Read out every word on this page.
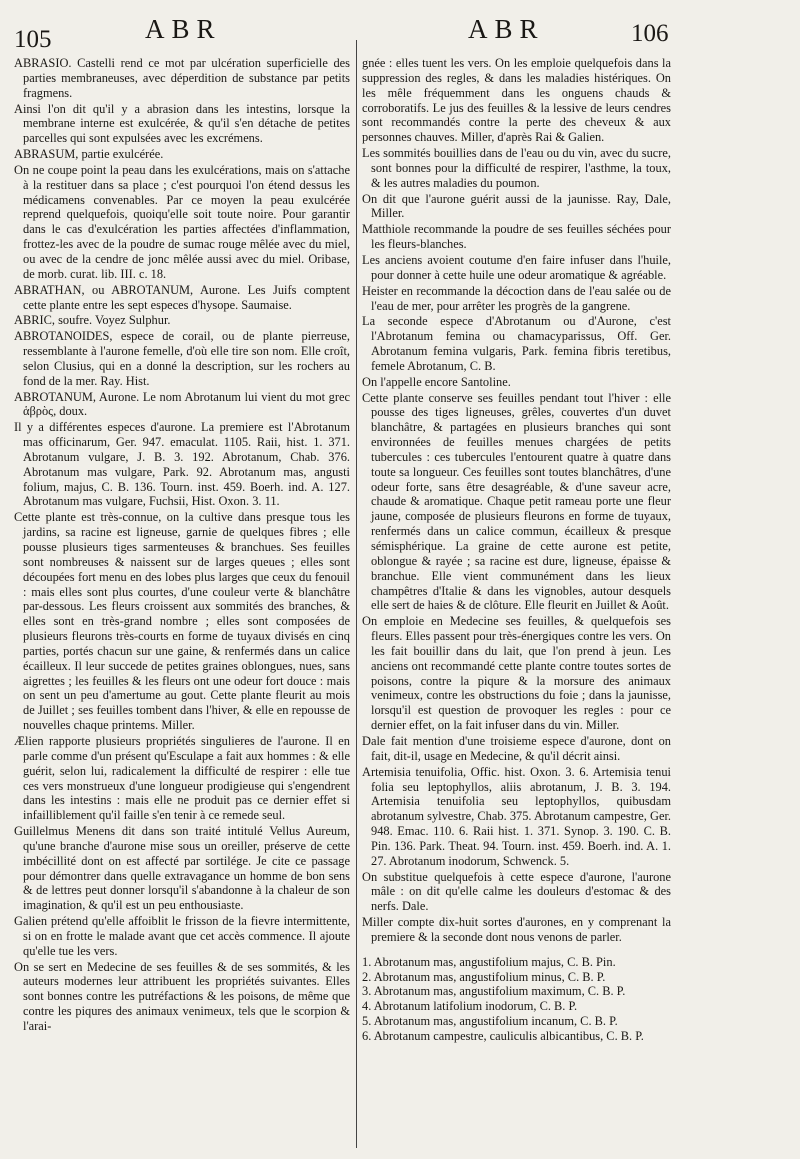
105	ABR	ABR	106

ABRASIO. Castelli rend ce mot par ulcération superficielle des parties membraneuses, avec déperdition de substance par petits fragmens.

Ainsi l'on dit qu'il y a abrasion dans les intestins, lorsque la membrane interne est exulcérée, & qu'il s'en détache de petites parcelles qui sont expulsées avec les excrémens.

ABRASUM, partie exulcérée.

On ne coupe point la peau dans les exulcérations, mais on s'attache à la restituer dans sa place ; c'est pourquoi l'on étend dessus les médicamens convenables. Par ce moyen la peau exulcérée reprend quelquefois, quoiqu'elle soit toute noire. Pour garantir dans le cas d'exulcération les parties affectées d'inflammation, frottez-les avec de la poudre de sumac rouge mêlée avec du miel, ou avec de la cendre de jonc mêlée aussi avec du miel. Oribase, de morb. curat. lib. III. c. 18.

ABRATHAN, ou ABROTANUM, Aurone. Les Juifs comptent cette plante entre les sept especes d'hysope. Saumaise.

ABRIC, soufre. Voyez Sulphur.

ABROTANOIDES, espece de corail, ou de plante pierreuse, ressemblante à l'aurone femelle, d'où elle tire son nom. Elle croît, selon Clusius, qui en a donné la description, sur les rochers au fond de la mer. Ray. Hist.

ABROTANUM, Aurone. Le nom Abrotanum lui vient du mot grec ἁβρὸς, doux.

Il y a différentes especes d'aurone. La premiere est l'Abrotanum mas officinarum, Ger. 947. emaculat. 1105. Raii, hist. 1. 371. Abrotanum vulgare, J. B. 3. 192. Abrotanum, Chab. 376. Abrotanum mas vulgare, Park. 92. Abrotanum mas, angusti folium, majus, C. B. 136. Tourn. inst. 459. Boerh. ind. A. 127. Abrotanum mas vulgare, Fuchsii, Hist. Oxon. 3. 11.

Cette plante est très-connue, on la cultive dans presque tous les jardins, sa racine est ligneuse, garnie de quelques fibres ; elle pousse plusieurs tiges sarmenteuses & branchues. Ses feuilles sont nombreuses & naissent sur de larges queues ; elles sont découpées fort menu en des lobes plus larges que ceux du fenouil : mais elles sont plus courtes, d'une couleur verte & blanchâtre par-dessous. Les fleurs croissent aux sommités des branches, & elles sont en très-grand nombre ; elles sont composées de plusieurs fleurons très-courts en forme de tuyaux divisés en cinq parties, portés chacun sur une gaine, & renfermés dans un calice écailleux. Il leur succede de petites graines oblongues, nues, sans aigrettes ; les feuilles & les fleurs ont une odeur fort douce : mais on sent un peu d'amertume au gout. Cette plante fleurit au mois de Juillet ; ses feuilles tombent dans l'hiver, & elle en repousse de nouvelles chaque printems. Miller.

Ælien rapporte plusieurs propriétés singulieres de l'aurone. Il en parle comme d'un présent qu'Esculape a fait aux hommes : & elle guérit, selon lui, radicalement la difficulté de respirer : elle tue ces vers monstrueux d'une longueur prodigieuse qui s'engendrent dans les intestins : mais elle ne produit pas ce dernier effet si infailliblement qu'il faille s'en tenir à ce remede seul.

Guillelmus Menens dit dans son traité intitulé Vellus Aureum, qu'une branche d'aurone mise sous un oreiller, préserve de cette imbécillité dont on est affecté par sortilége. Je cite ce passage pour démontrer dans quelle extravagance un homme de bon sens & de lettres peut donner lorsqu'il s'abandonne à la chaleur de son imagination, & qu'il est un peu enthousiaste.

Galien prétend qu'elle affoiblit le frisson de la fievre intermittente, si on en frotte le malade avant que cet accès commence. Il ajoute qu'elle tue les vers.

On se sert en Medecine de ses feuilles & de ses sommités, & les auteurs modernes leur attribuent les propriétés suivantes. Elles sont bonnes contre les putréfactions & les poisons, de même que contre les piqures des animaux venimeux, tels que le scorpion & l'arai-

gnée : elles tuent les vers. On les emploie quelquefois dans la suppression des regles, & dans les maladies histériques. On les mêle fréquemment dans les onguens chauds & corroboratifs. Le jus des feuilles & la lessive de leurs cendres sont recommandés contre la perte des cheveux & aux personnes chauves. Miller, d'après Rai & Galien.

Les sommités bouillies dans de l'eau ou du vin, avec du sucre, sont bonnes pour la difficulté de respirer, l'asthme, la toux, & les autres maladies du poumon.

On dit que l'aurone guérit aussi de la jaunisse. Ray, Dale, Miller.

Matthiole recommande la poudre de ses feuilles séchées pour les fleurs-blanches.

Les anciens avoient coutume d'en faire infuser dans l'huile, pour donner à cette huile une odeur aromatique & agréable.

Heister en recommande la décoction dans de l'eau salée ou de l'eau de mer, pour arrêter les progrès de la gangrene.

La seconde espece d'Abrotanum ou d'Aurone, c'est l'Abrotanum femina ou chamacyparissus, Off. Ger. Abrotanum femina vulgaris, Park. femina fibris teretibus, femele Abrotanum, C. B.

On l'appelle encore Santoline.

Cette plante conserve ses feuilles pendant tout l'hiver : elle pousse des tiges ligneuses, grêles, couvertes d'un duvet blanchâtre, & partagées en plusieurs branches qui sont environnées de feuilles menues chargées de petits tubercules : ces tubercules l'entourent quatre à quatre dans toute sa longueur. Ces feuilles sont toutes blanchâtres, d'une odeur forte, sans être desagréable, & d'une saveur acre, chaude & aromatique. Chaque petit rameau porte une fleur jaune, composée de plusieurs fleurons en forme de tuyaux, renfermés dans un calice commun, écailleux & presque sémisphérique. La graine de cette aurone est petite, oblongue & rayée ; sa racine est dure, ligneuse, épaisse & branchue. Elle vient communément dans les lieux champêtres d'Italie & dans les vignobles, autour desquels elle sert de haies & de clôture. Elle fleurit en Juillet & Août.

On emploie en Medecine ses feuilles, & quelquefois ses fleurs. Elles passent pour très-énergiques contre les vers. On les fait bouillir dans du lait, que l'on prend à jeun. Les anciens ont recommandé cette plante contre toutes sortes de poisons, contre la piqure & la morsure des animaux venimeux, contre les obstructions du foie ; dans la jaunisse, lorsqu'il est question de provoquer les regles : pour ce dernier effet, on la fait infuser dans du vin. Miller.

Dale fait mention d'une troisieme espece d'aurone, dont on fait, dit-il, usage en Medecine, & qu'il décrit ainsi.

Artemisia tenuifolia, Offic. hist. Oxon. 3. 6. Artemisia tenui folia seu leptophyllos, aliis abrotanum, J. B. 3. 194. Artemisia tenuifolia seu leptophyllos, quibusdam abrotanum sylvestre, Chab. 375. Abrotanum campestre, Ger. 948. Emac. 110. 6. Raii hist. 1. 371. Synop. 3. 190. C. B. Pin. 136. Park. Theat. 94. Tourn. inst. 459. Boerh. ind. A. 1. 27. Abrotanum inodorum, Schwenck. 5.

On substitue quelquefois à cette espece d'aurone, l'aurone mâle : on dit qu'elle calme les douleurs d'estomac & des nerfs. Dale.

Miller compte dix-huit sortes d'aurones, en y comprenant la premiere & la seconde dont nous venons de parler.

1. Abrotanum mas, angustifolium majus, C. B. Pin.

2. Abrotanum mas, angustifolium minus, C. B. P.

3. Abrotanum mas, angustifolium maximum, C. B. P.

4. Abrotanum latifolium inodorum, C. B. P.

5. Abrotanum mas, angustifolium incanum, C. B. P.

6. Abrotanum campestre, cauliculis albicantibus, C. B. P.
